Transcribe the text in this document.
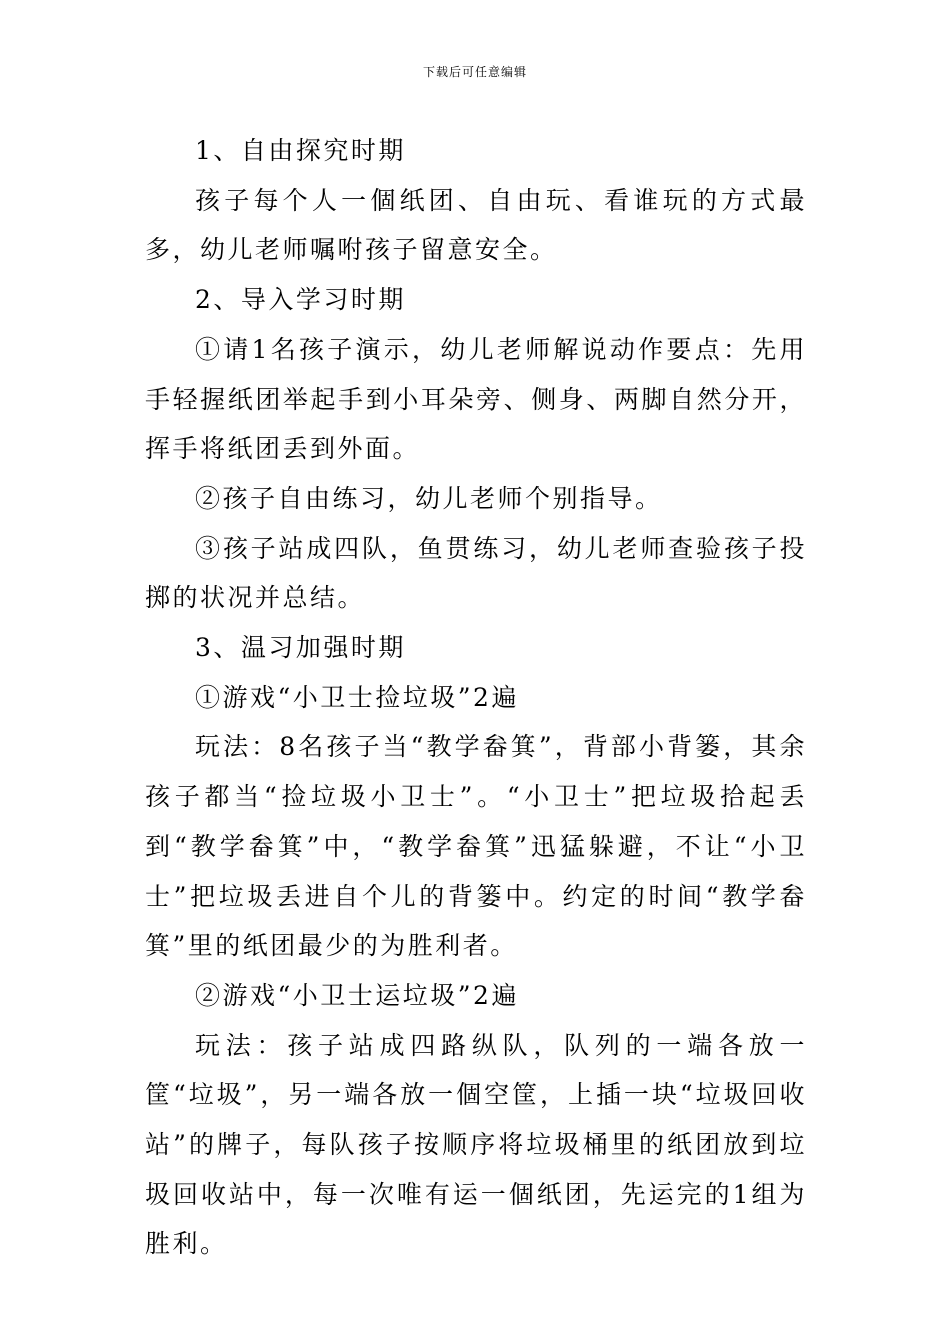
下载后可任意编辑

1、自由探究时期

孩子每个人一個纸团、自由玩、看谁玩的方式最多，幼儿老师嘱咐孩子留意安全。

2、导入学习时期

①请1名孩子演示，幼儿老师解说动作要点：先用手轻握纸团举起手到小耳朵旁、侧身、两脚自然分开，挥手将纸团丢到外面。

②孩子自由练习，幼儿老师个别指导。

③孩子站成四队，鱼贯练习，幼儿老师查验孩子投掷的状况并总结。

3、温习加强时期

①游戏“小卫士捡垃圾”2遍

玩法：8名孩子当“教学畚箕”，背部小背篓，其余孩子都当“捡垃圾小卫士”。“小卫士”把垃圾拾起丢到“教学畚箕”中，“教学畚箕”迅猛躲避，不让“小卫士”把垃圾丢进自个儿的背篓中。约定的时间“教学畚箕”里的纸团最少的为胜利者。

②游戏“小卫士运垃圾”2遍

玩法：孩子站成四路纵队，队列的一端各放一筐“垃圾”，另一端各放一個空筐，上插一块“垃圾回收站”的牌子，每队孩子按顺序将垃圾桶里的纸团放到垃圾回收站中，每一次唯有运一個纸团，先运完的1组为胜利。
